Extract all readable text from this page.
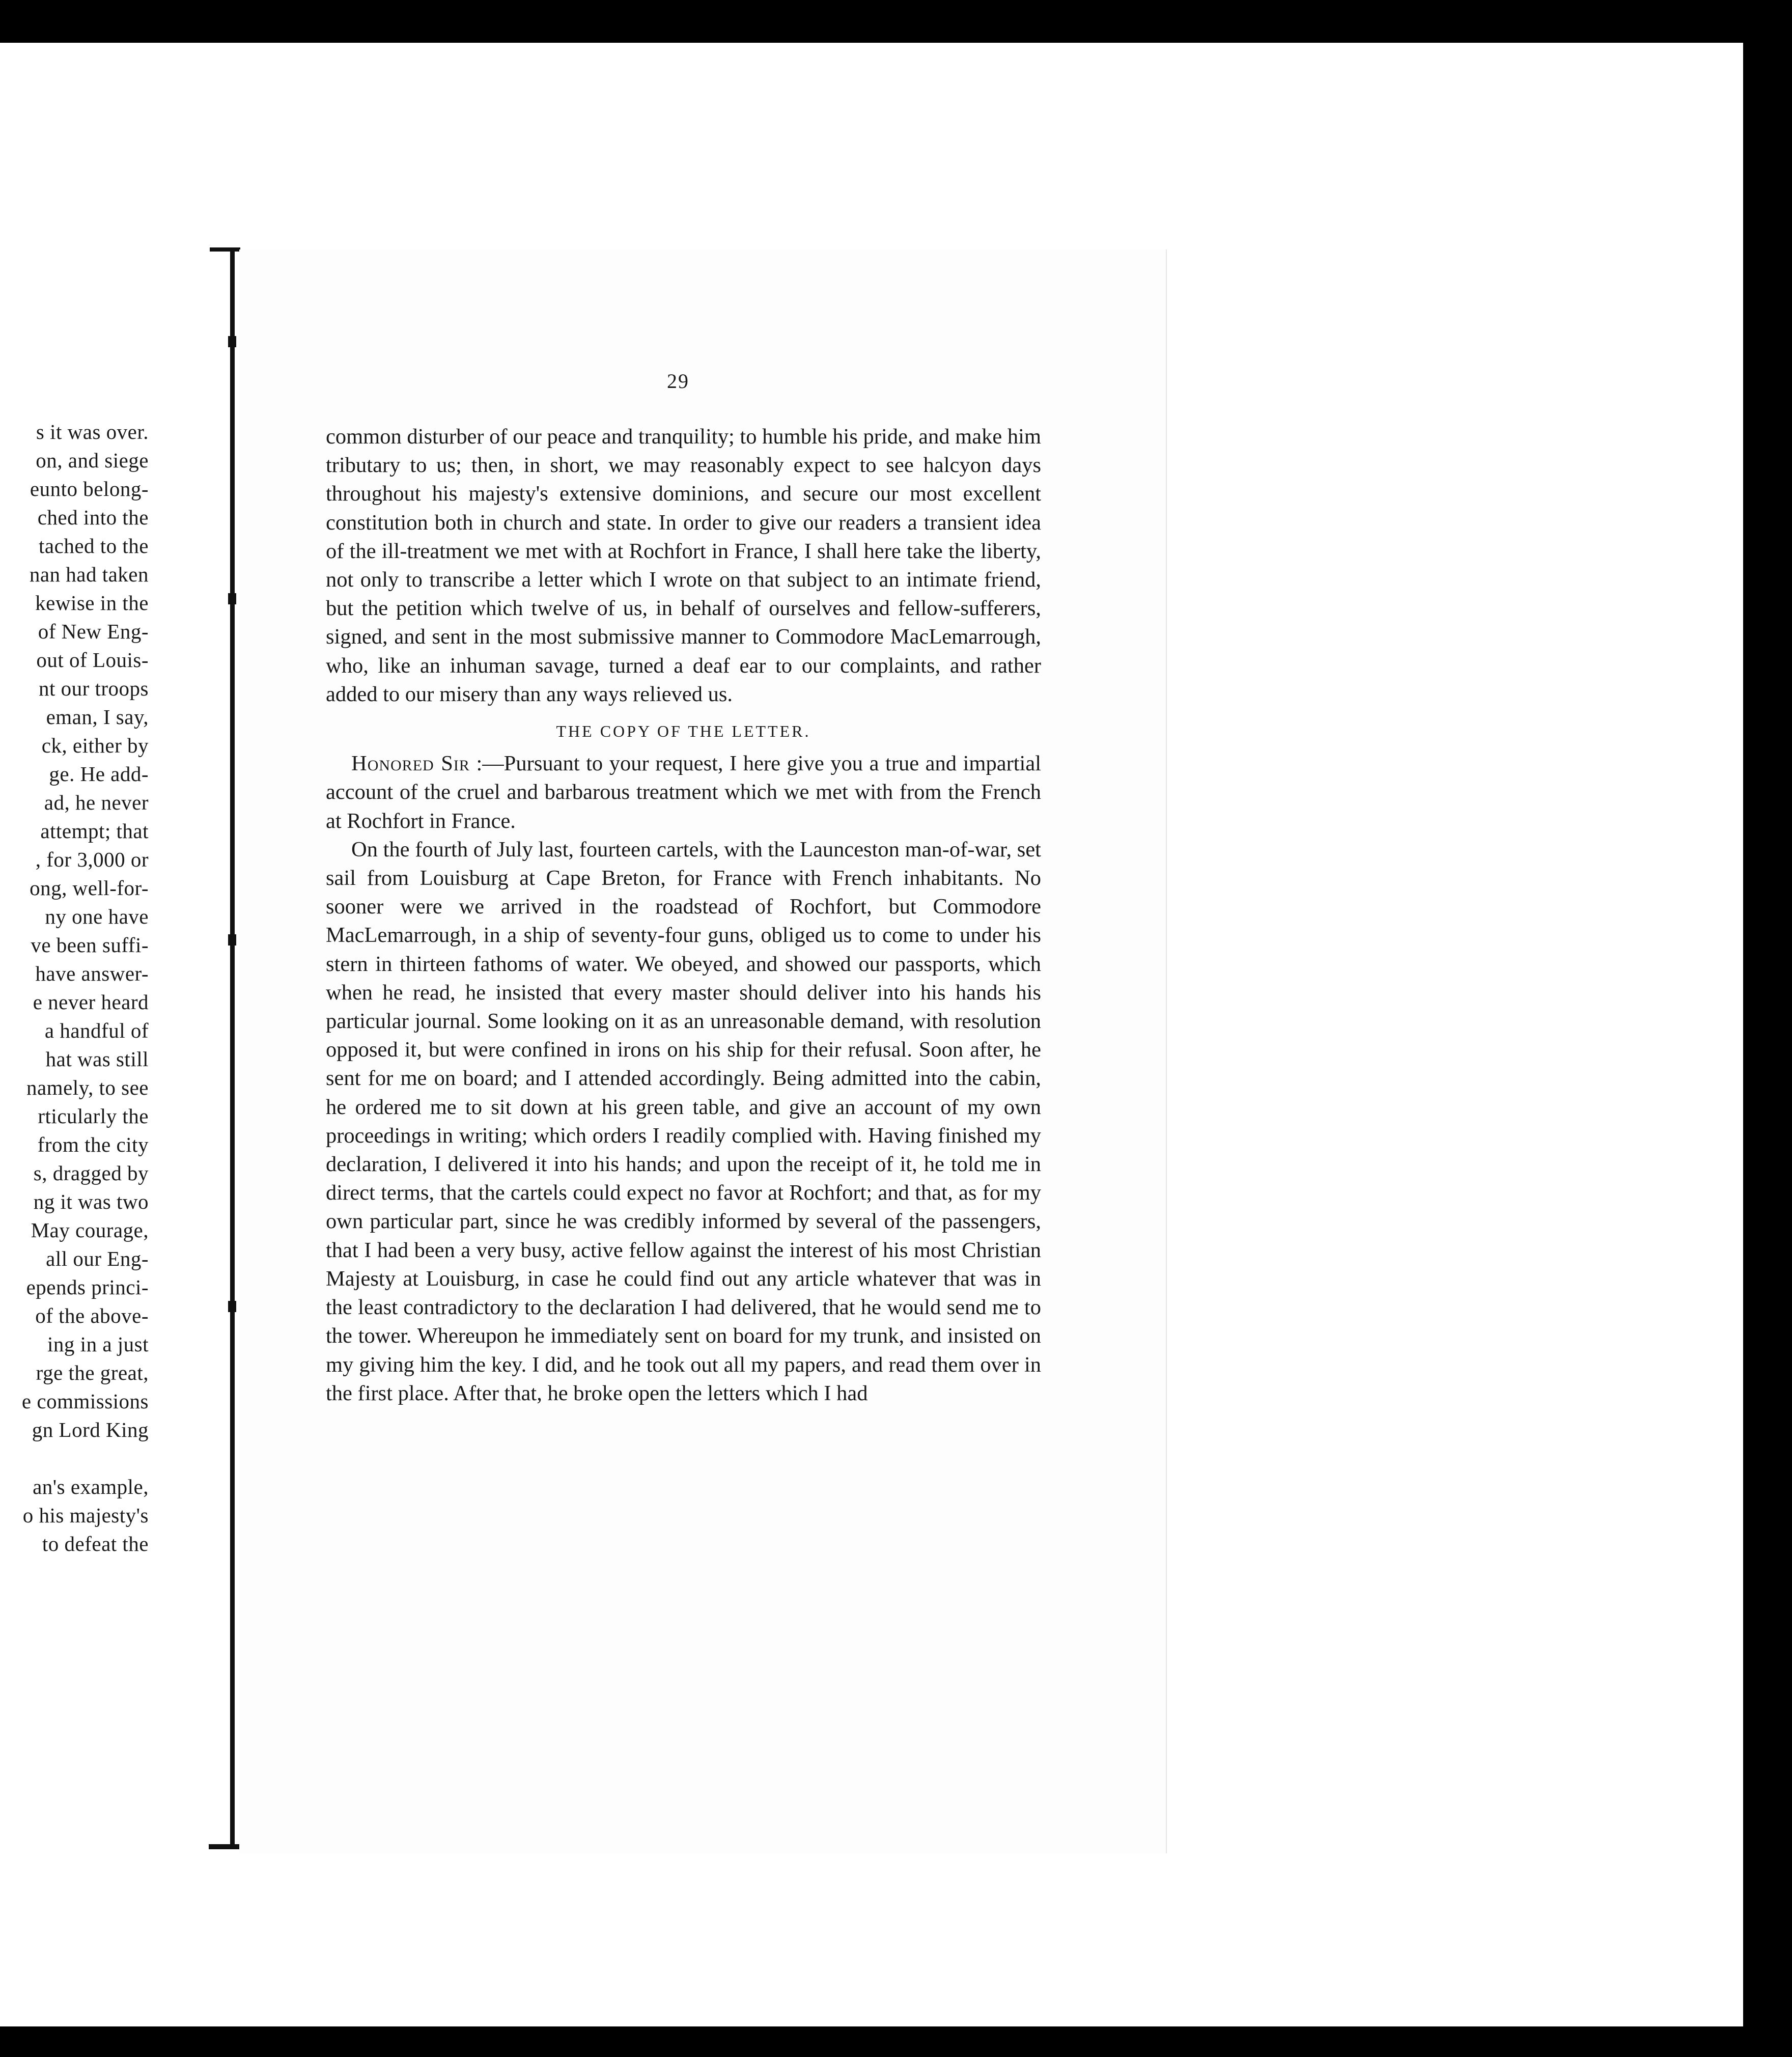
s it was over.
on, and siege
eunto belong-
ched into the
tached to the
nan had taken
kewise in the
of New Eng-
out of Louis-
nt our troops
eman, I say,
ck, either by
ge. He add-
ad, he never
attempt; that
, for 3,000 or
ong, well-for-
ny one have
ve been suffi-
have answer-
e never heard
a handful of
hat was still
namely, to see
rticularly the
from the city
s, dragged by
ng it was two
May courage,
all our Eng-
epends princi-
of the above-
ing in a just
rge the great,
e commissions
gn Lord King
an's example,
o his majesty's
to defeat the
29

common disturber of our peace and tranquility; to humble his pride, and make him tributary to us; then, in short, we may reasonably expect to see halcyon days throughout his majesty's extensive dominions, and secure our most excellent constitution both in church and state. In order to give our readers a transient idea of the ill-treatment we met with at Rochfort in France, I shall here take the liberty, not only to transcribe a letter which I wrote on that subject to an intimate friend, but the petition which twelve of us, in behalf of ourselves and fellow-sufferers, signed, and sent in the most submissive manner to Commodore MacLemarrough, who, like an inhuman savage, turned a deaf ear to our complaints, and rather added to our misery than any ways relieved us.

THE COPY OF THE LETTER.

Honored Sir :—Pursuant to your request, I here give you a true and impartial account of the cruel and barbarous treatment which we met with from the French at Rochfort in France.

On the fourth of July last, fourteen cartels, with the Launceston man-of-war, set sail from Louisburg at Cape Breton, for France with French inhabitants. No sooner were we arrived in the roadstead of Rochfort, but Commodore MacLemarrough, in a ship of seventy-four guns, obliged us to come to under his stern in thirteen fathoms of water. We obeyed, and showed our passports, which when he read, he insisted that every master should deliver into his hands his particular journal. Some looking on it as an unreasonable demand, with resolution opposed it, but were confined in irons on his ship for their refusal. Soon after, he sent for me on board; and I attended accordingly. Being admitted into the cabin, he ordered me to sit down at his green table, and give an account of my own proceedings in writing; which orders I readily complied with. Having finished my declaration, I delivered it into his hands; and upon the receipt of it, he told me in direct terms, that the cartels could expect no favor at Rochfort; and that, as for my own particular part, since he was credibly informed by several of the passengers, that I had been a very busy, active fellow against the interest of his most Christian Majesty at Louisburg, in case he could find out any article whatever that was in the least contradictory to the declaration I had delivered, that he would send me to the tower. Whereupon he immediately sent on board for my trunk, and insisted on my giving him the key. I did, and he took out all my papers, and read them over in the first place. After that, he broke open the letters which I had
